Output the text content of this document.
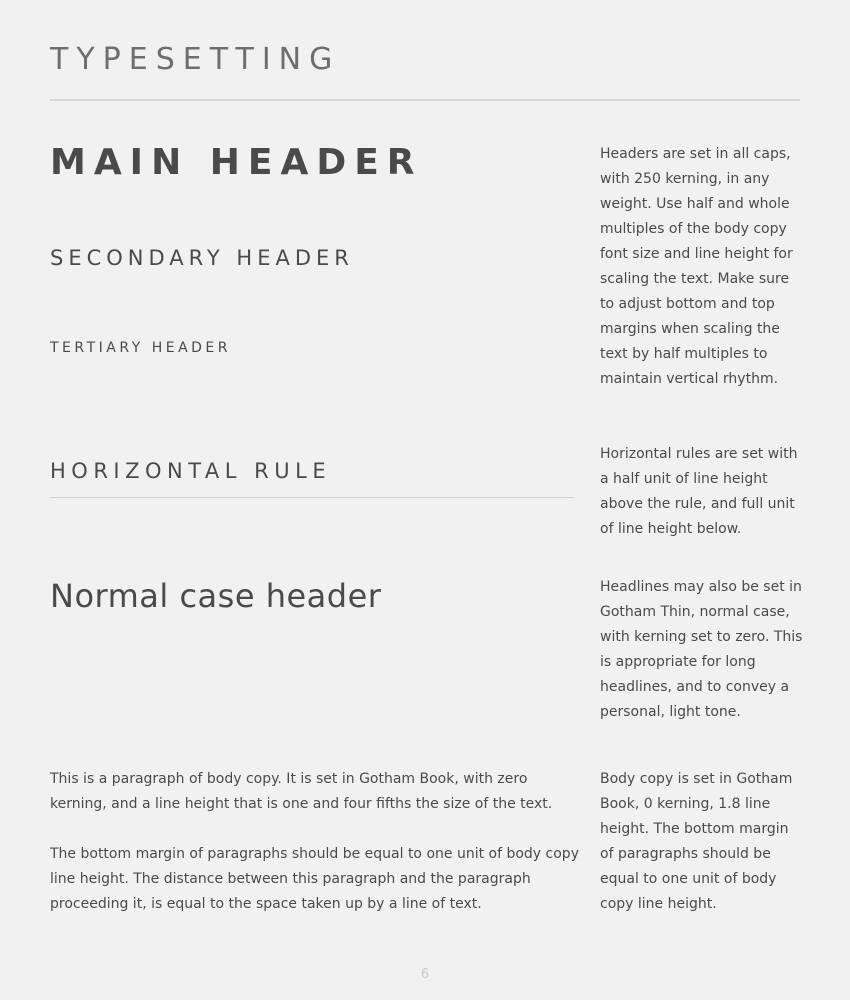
TYPESETTING
MAIN HEADER
SECONDARY HEADER
TERTIARY HEADER
HORIZONTAL RULE
Normal case header

This is a paragraph of body copy. It is set in Gotham Book, with zero kerning, and a line height that is one and four fifths the size of the text.

The bottom margin of paragraphs should be equal to one unit of body copy line height. The distance between this paragraph and the paragraph proceeding it, is equal to the space taken up by a line of text.

Headers are set in all caps, with 250 kerning, in any weight. Use half and whole multiples of the body copy font size and line height for scaling the text. Make sure to adjust bottom and top margins when scaling the text by half multiples to maintain vertical rhythm.

Horizontal rules are set with a half unit of line height above the rule, and full unit of line height below.

Headlines may also be set in Gotham Thin, normal case, with kerning set to zero. This is appropriate for long headlines, and to convey a personal, light tone.

Body copy is set in Gotham Book, 0 kerning, 1.8 line height. The bottom margin of paragraphs should be equal to one unit of body copy line height.

6
